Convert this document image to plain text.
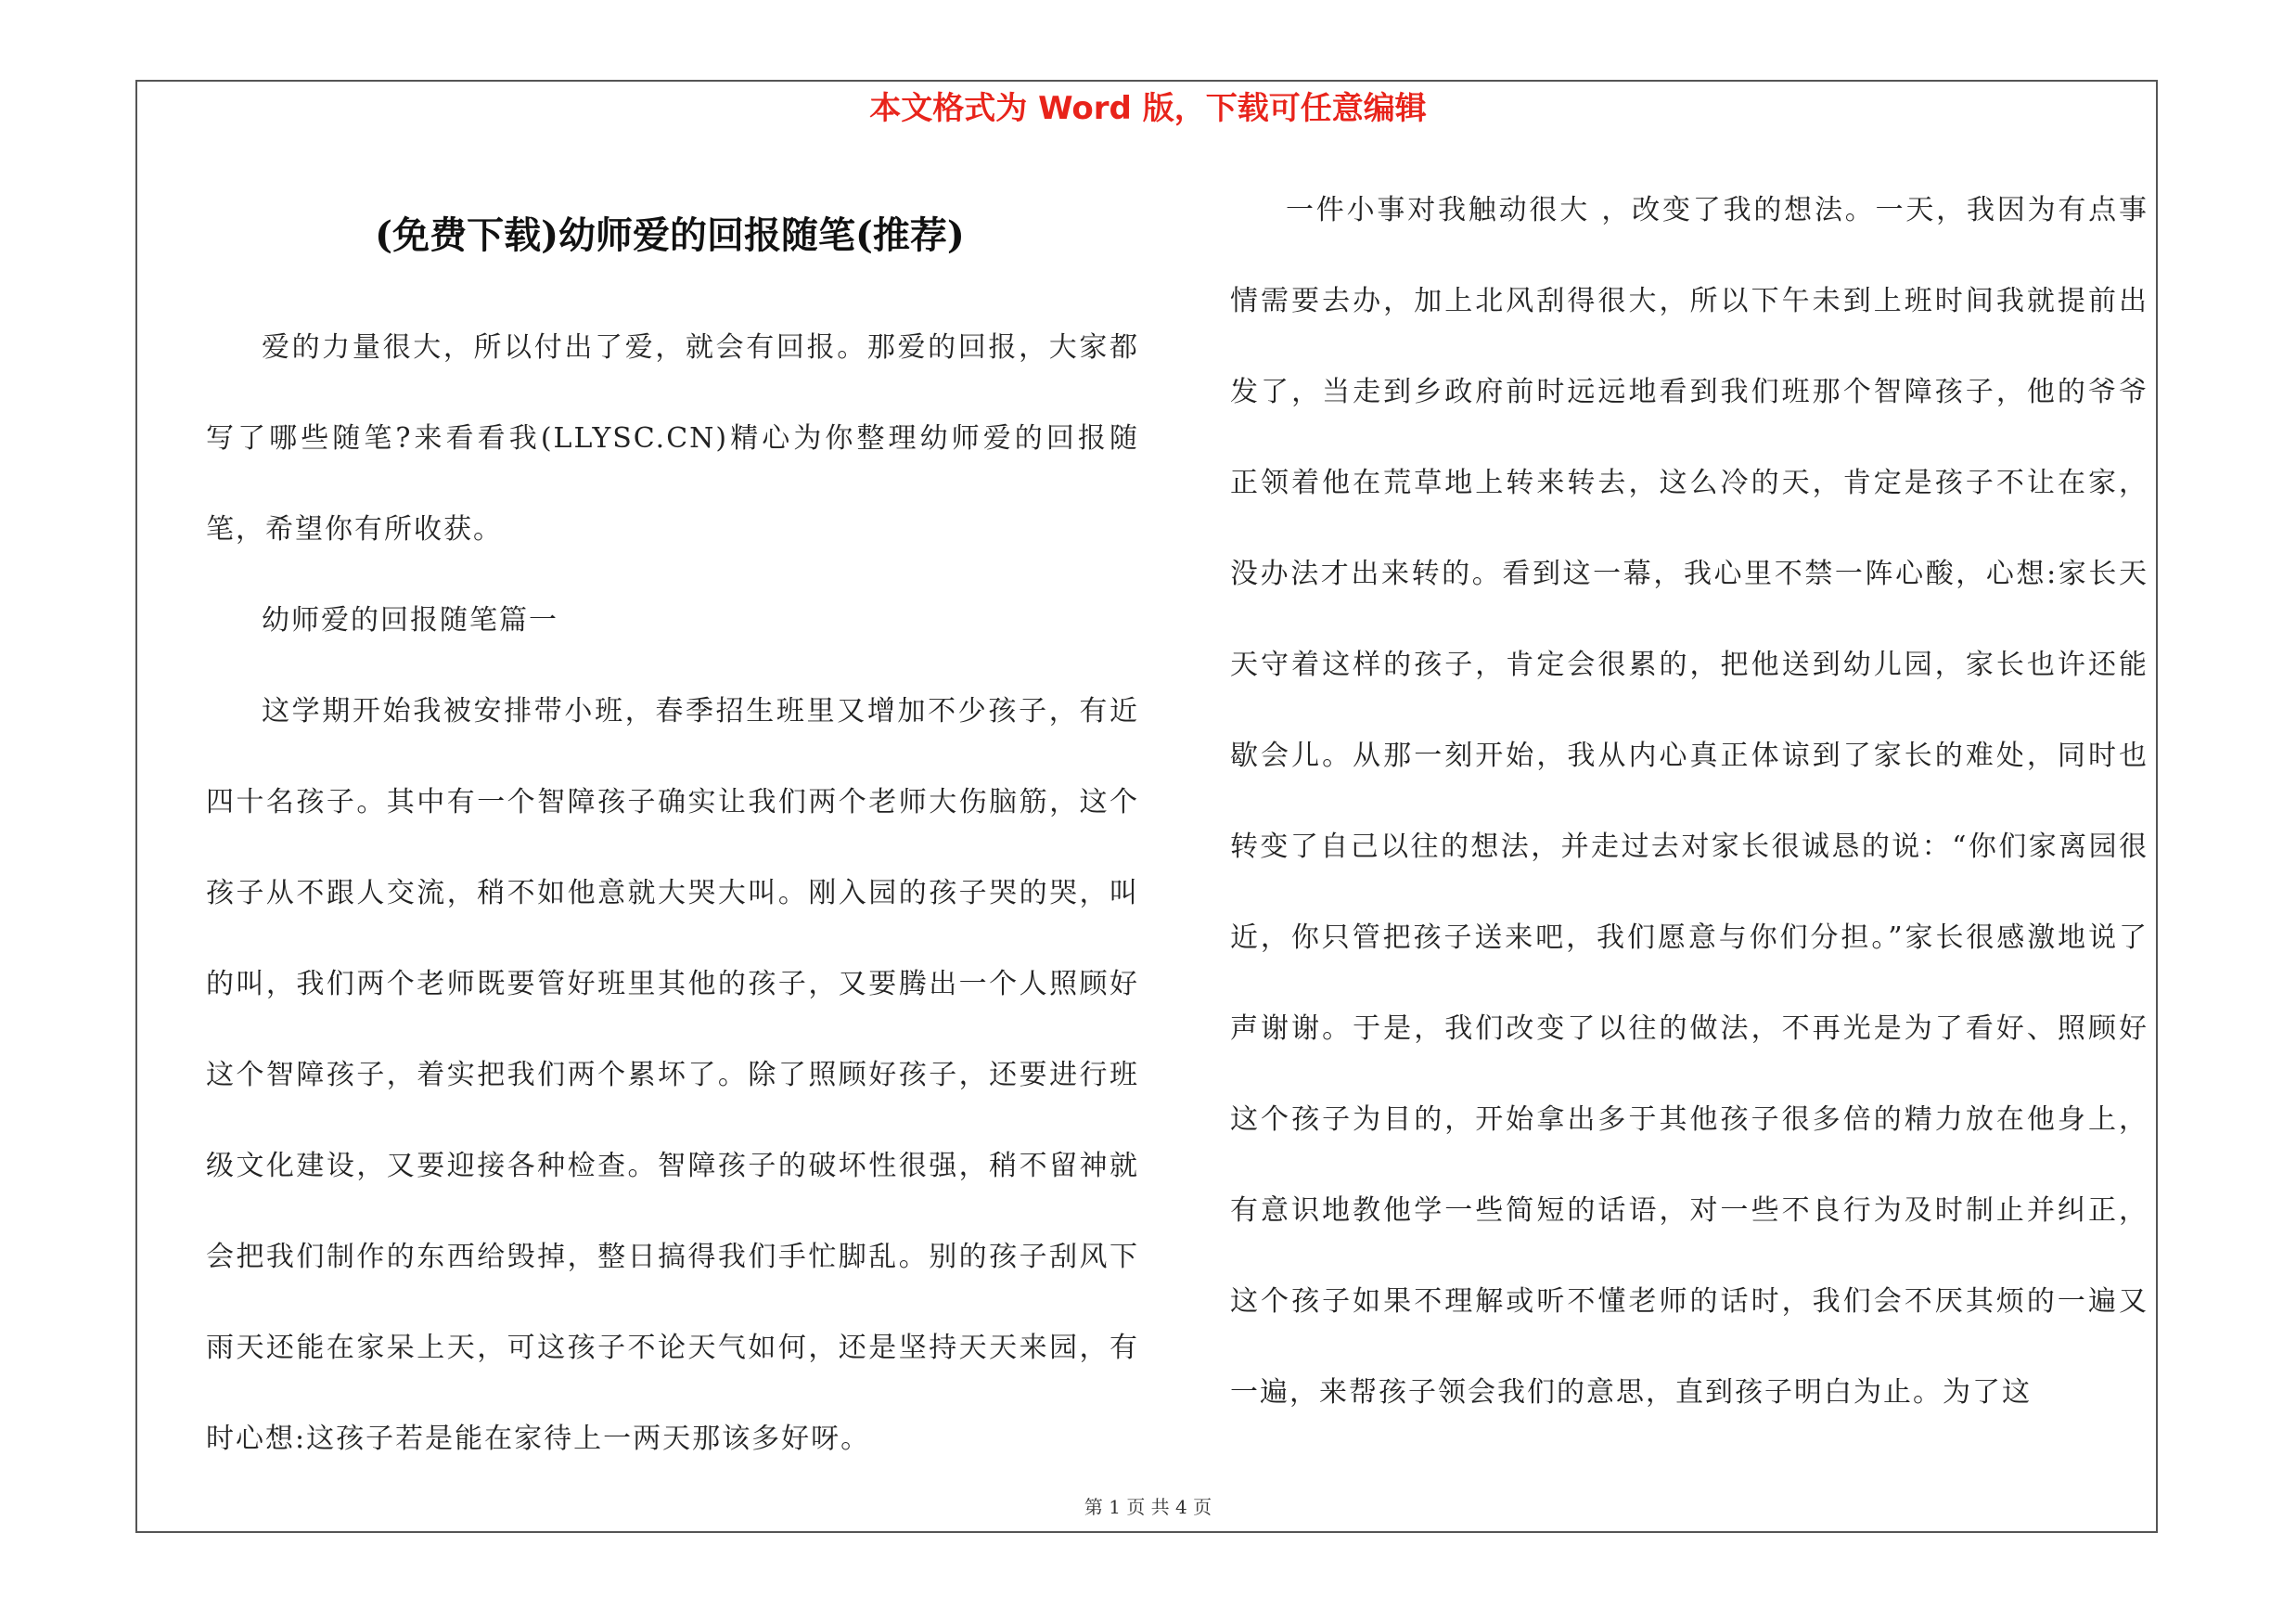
本文格式为 Word 版，下载可任意编辑
(免费下载)幼师爱的回报随笔(推荐)

爱的力量很大，所以付出了爱，就会有回报。那爱的回报，大家都写了哪些随笔?来看看我(LLYSC.CN)精心为你整理幼师爱的回报随笔，希望你有所收获。

幼师爱的回报随笔篇一

这学期开始我被安排带小班，春季招生班里又增加不少孩子，有近四十名孩子。其中有一个智障孩子确实让我们两个老师大伤脑筋，这个孩子从不跟人交流，稍不如他意就大哭大叫。刚入园的孩子哭的哭，叫的叫，我们两个老师既要管好班里其他的孩子，又要腾出一个人照顾好这个智障孩子，着实把我们两个累坏了。除了照顾好孩子，还要进行班级文化建设，又要迎接各种检查。智障孩子的破坏性很强，稍不留神就会把我们制作的东西给毁掉，整日搞得我们手忙脚乱。别的孩子刮风下雨天还能在家呆上天，可这孩子不论天气如何，还是坚持天天来园，有时心想:这孩子若是能在家待上一两天那该多好呀。

一件小事对我触动很大 ，改变了我的想法。一天，我因为有点事情需要去办，加上北风刮得很大，所以下午未到上班时间我就提前出发了，当走到乡政府前时远远地看到我们班那个智障孩子，他的爷爷正领着他在荒草地上转来转去，这么冷的天，肯定是孩子不让在家，没办法才出来转的。看到这一幕，我心里不禁一阵心酸，心想:家长天天守着这样的孩子，肯定会很累的，把他送到幼儿园，家长也许还能歇会儿。从那一刻开始，我从内心真正体谅到了家长的难处，同时也转变了自己以往的想法，并走过去对家长很诚恳的说：“你们家离园很近，你只管把孩子送来吧，我们愿意与你们分担。”家长很感激地说了声谢谢。于是，我们改变了以往的做法，不再光是为了看好、照顾好这个孩子为目的，开始拿出多于其他孩子很多倍的精力放在他身上，有意识地教他学一些简短的话语，对一些不良行为及时制止并纠正，这个孩子如果不理解或听不懂老师的话时，我们会不厌其烦的一遍又一遍，来帮孩子领会我们的意思，直到孩子明白为止。为了这

第 1 页 共 4 页
